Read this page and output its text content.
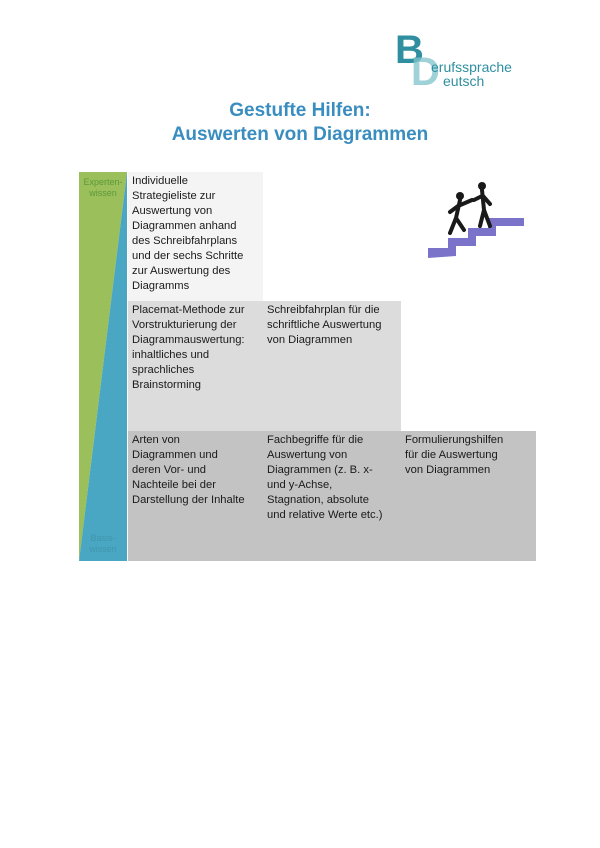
B
D
erufssprache
eutsch
Gestufte Hilfen:
Auswerten von Diagrammen
Experten-
wissen
Basis-
wissen
Individuelle
Strategieliste zur
Auswertung von
Diagrammen anhand
des Schreibfahrplans
und der sechs Schritte
zur Auswertung des
Diagramms
Placemat-Methode zur
Vorstrukturierung der
Diagrammauswertung:
inhaltliches und
sprachliches
Brainstorming
Schreibfahrplan für die
schriftliche Auswertung
von Diagrammen
Arten von
Diagrammen und
deren Vor- und
Nachteile bei der
Darstellung der Inhalte
Fachbegriffe für die
Auswertung von
Diagrammen (z. B. x-
und y-Achse,
Stagnation, absolute
und relative Werte etc.)
Formulierungshilfen
für die Auswertung
von Diagrammen
